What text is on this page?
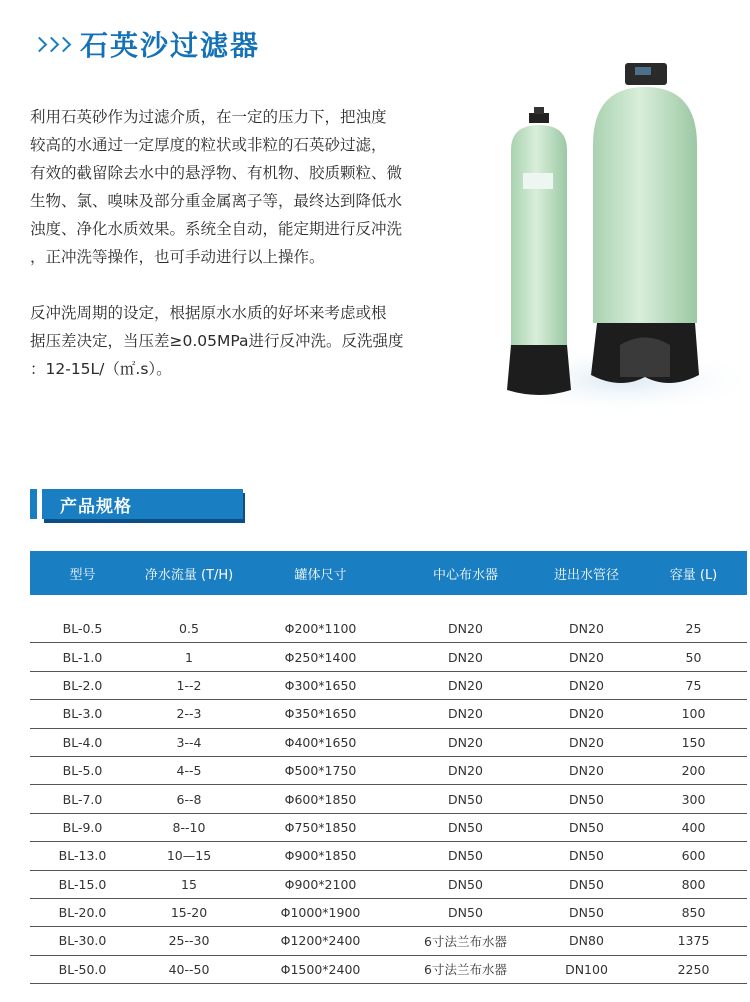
石英沙过滤器

利用石英砂作为过滤介质，在一定的压力下，把浊度
较高的水通过一定厚度的粒状或非粒的石英砂过滤，
有效的截留除去水中的悬浮物、有机物、胶质颗粒、微
生物、氯、嗅味及部分重金属离子等，最终达到降低水
浊度、净化水质效果。系统全自动，能定期进行反冲洗
，正冲洗等操作，也可手动进行以上操作。

反冲洗周期的设定，根据原水水质的好坏来考虑或根
据压差决定，当压差≥0.05MPa进行反冲洗。反洗强度
：12-15L/（㎡.s）。

产品规格
型号	净水流量 (T/H)	罐体尺寸	中心布水器	进出水管径	容量 (L)
BL-0.5	0.5	Φ200*1100	DN20	DN20	25
BL-1.0	1	Φ250*1400	DN20	DN20	50
BL-2.0	1--2	Φ300*1650	DN20	DN20	75
BL-3.0	2--3	Φ350*1650	DN20	DN20	100
BL-4.0	3--4	Φ400*1650	DN20	DN20	150
BL-5.0	4--5	Φ500*1750	DN20	DN20	200
BL-7.0	6--8	Φ600*1850	DN50	DN50	300
BL-9.0	8--10	Φ750*1850	DN50	DN50	400
BL-13.0	10—15	Φ900*1850	DN50	DN50	600
BL-15.0	15	Φ900*2100	DN50	DN50	800
BL-20.0	15-20	Φ1000*1900	DN50	DN50	850
BL-30.0	25--30	Φ1200*2400	6寸法兰布水器	DN80	1375
BL-50.0	40--50	Φ1500*2400	6寸法兰布水器	DN100	2250
